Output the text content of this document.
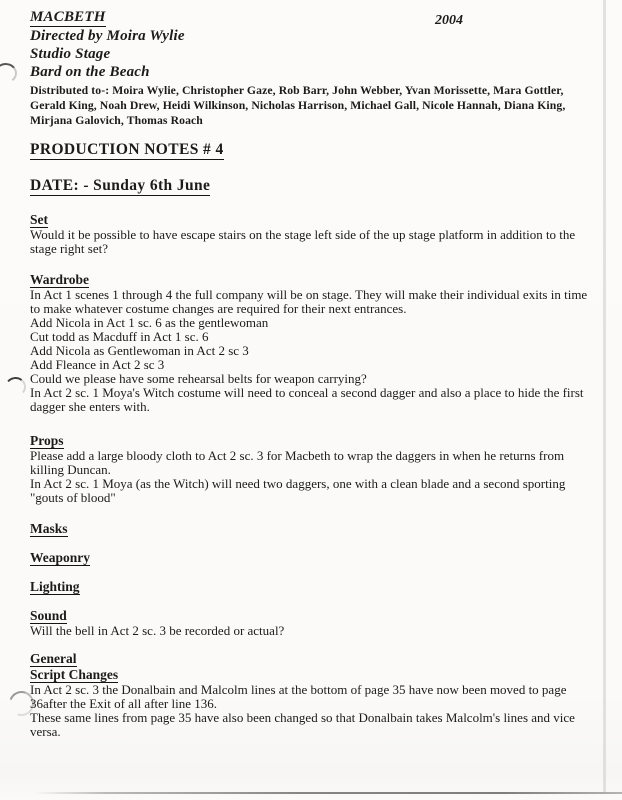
2004
MACBETH
Directed by Moira Wylie
Studio Stage
Bard on the Beach

Distributed to-: Moira Wylie, Christopher Gaze, Rob Barr, John Webber, Yvan Morissette, Mara Gottler, Gerald King, Noah Drew, Heidi Wilkinson, Nicholas Harrison, Michael Gall, Nicole Hannah, Diana King, Mirjana Galovich, Thomas Roach

PRODUCTION NOTES # 4
DATE: - Sunday 6th June
Set

Would it be possible to have escape stairs on the stage left side of the up stage platform in addition to the stage right set?

Wardrobe

In Act 1 scenes 1 through 4 the full company will be on stage. They will make their individual exits in time to make whatever costume changes are required for their next entrances.

Add Nicola in Act 1 sc. 6 as the gentlewoman

Cut todd as Macduff in Act 1 sc. 6

Add Nicola as Gentlewoman in Act 2 sc 3

Add Fleance in Act 2 sc 3

Could we please have some rehearsal belts for weapon carrying?

In Act 2 sc. 1 Moya's Witch costume will need to conceal a second dagger and also a place to hide the first dagger she enters with.

Props

Please add a large bloody cloth to Act 2 sc. 3 for Macbeth to wrap the daggers in when he returns from killing Duncan.

In Act 2 sc. 1 Moya (as the Witch) will need two daggers, one with a clean blade and a second sporting "gouts of blood"

Masks
Weaponry
Lighting
Sound

Will the bell in Act 2 sc. 3 be recorded or actual?

General
Script Changes

In Act 2 sc. 3 the Donalbain and Malcolm lines at the bottom of page 35 have now been moved to page 36after the Exit of all after line 136.

These same lines from page 35 have also been changed so that Donalbain takes Malcolm's lines and vice versa.
